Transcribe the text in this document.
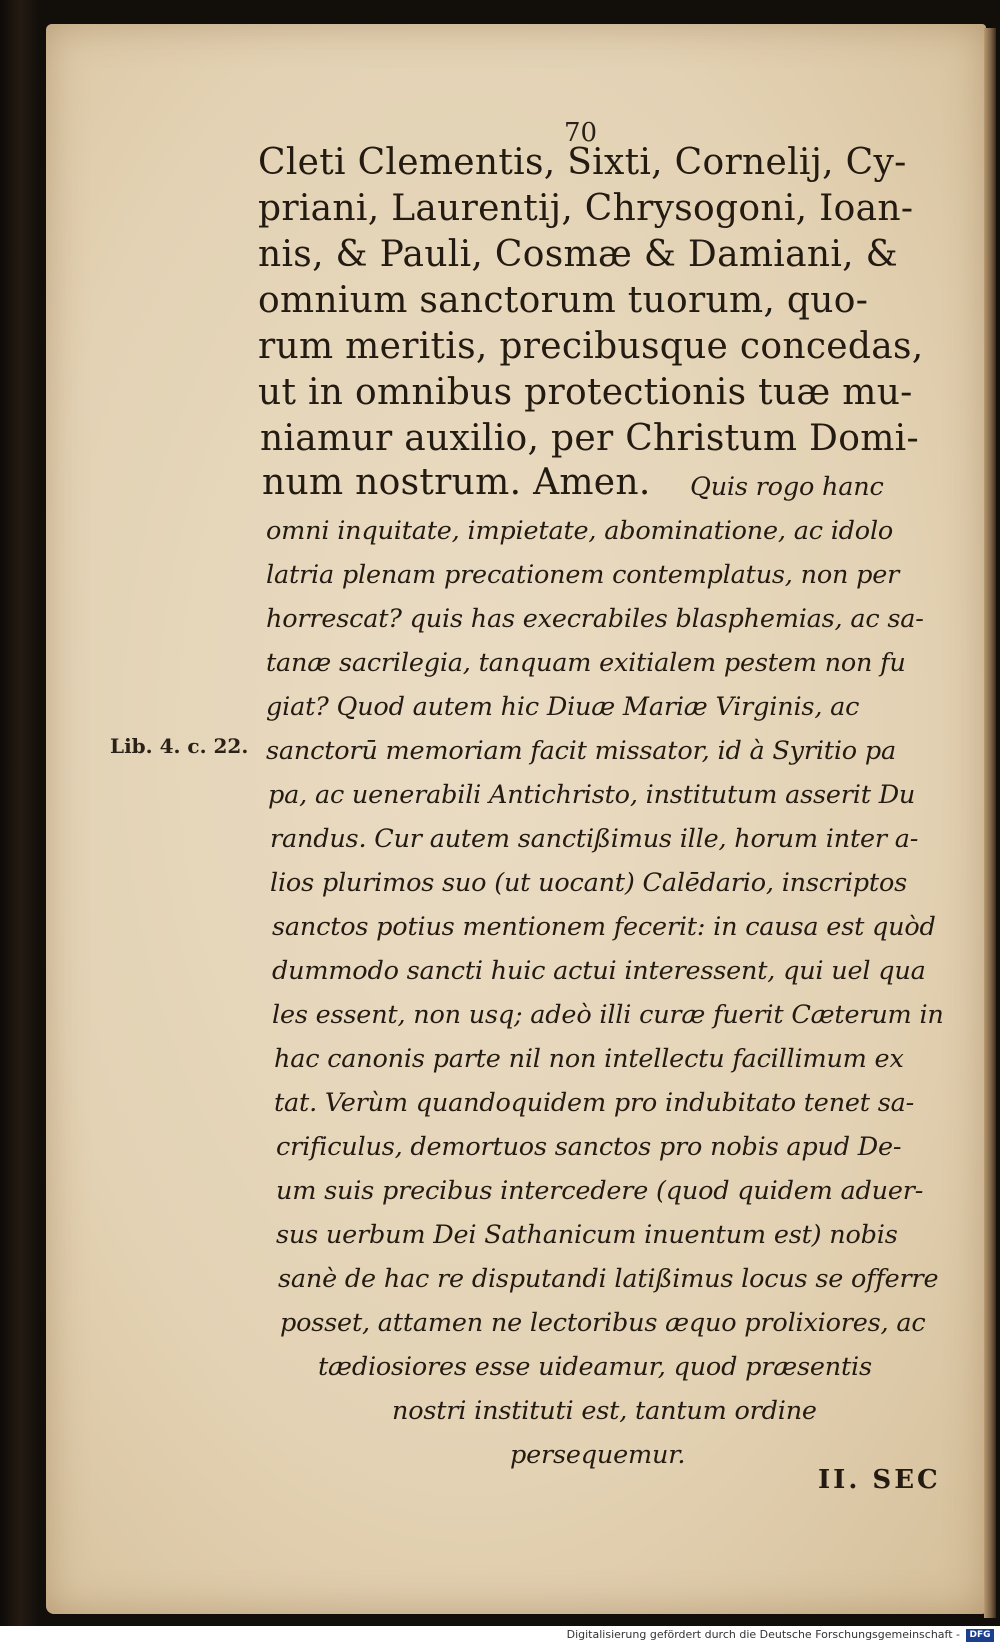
70
Cleti Clementis, Sixti, Cornelij, Cy-
priani, Laurentij, Chrysogoni, Ioan-
nis, & Pauli, Cosmæ & Damiani, &
omnium sanctorum tuorum, quo-
rum meritis, precibusque concedas,
ut in omnibus protectionis tuæ mu-
niamur auxilio, per Christum Domi-
num nostrum. Amen. Quis rogo hanc
Lib. 4. c. 22.
omni inquitate, impietate, abominatione, ac idolo
latria plenam precationem contemplatus, non per
horrescat? quis has execrabiles blasphemias, ac sa-
tanæ sacrilegia, tanquam exitialem pestem non fu
giat? Quod autem hic Diuæ Mariæ Virginis, ac
sanctorū memoriam facit missator, id à Syritio pa
pa, ac uenerabili Antichristo, institutum asserit Du
randus. Cur autem sanctißimus ille, horum inter a-
lios plurimos suo (ut uocant) Calēdario, inscriptos
sanctos potius mentionem fecerit: in causa est quòd
dummodo sancti huic actui interessent, qui uel qua
les essent, non usq; adeò illi curæ fuerit Cæterum in
hac canonis parte nil non intellectu facillimum ex
tat. Verùm quandoquidem pro indubitato tenet sa-
crificulus, demortuos sanctos pro nobis apud De-
um suis precibus intercedere (quod quidem aduer-
sus uerbum Dei Sathanicum inuentum est) nobis
sanè de hac re disputandi latißimus locus se offerre
posset, attamen ne lectoribus æquo prolixiores, ac
tædiosiores esse uideamur, quod præsentis
nostri instituti est, tantum ordine
persequemur.
II. SEC
Digitalisierung gefördert durch die Deutsche Forschungsgemeinschaft -	DFG
